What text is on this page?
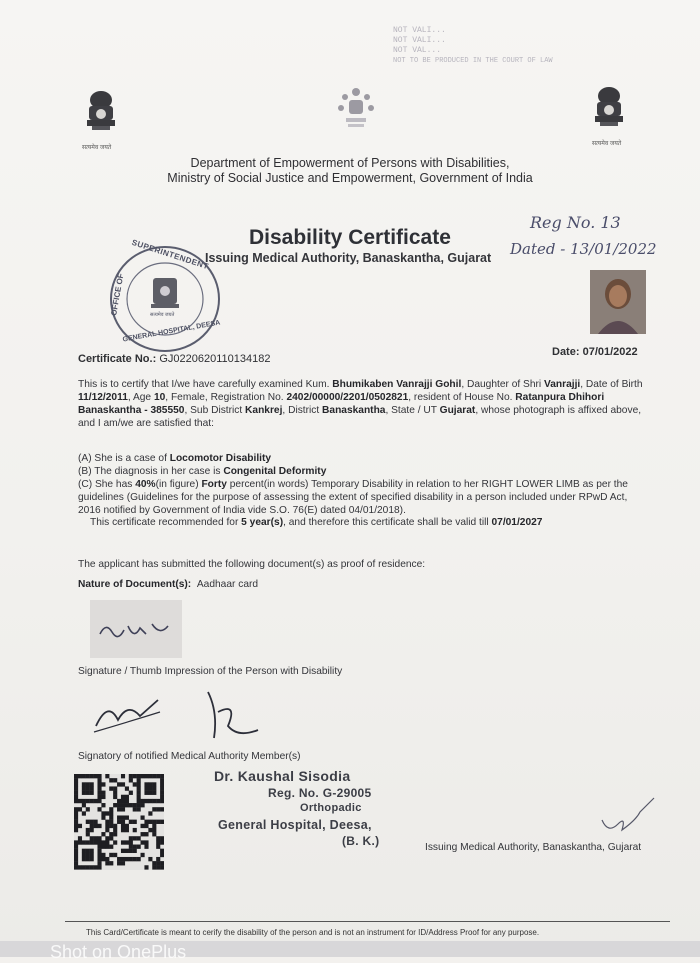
NOT VALI...
NOT VALI...
NOT VAL...
NOT TO BE PRODUCED IN THE COURT OF LAW
सत्यमेव जयते
सत्यमेव जयते
Department of Empowerment of Persons with Disabilities,
Ministry of Social Justice and Empowerment, Government of India
Disability Certificate
Issuing Medical Authority, Banaskantha, Gujarat
Reg No. 13
Dated - 13/01/2022
SUPERINTENDENT
OFFICE OF
GENERAL HOSPITAL, DEESA
सत्यमेव जयते
Certificate No.: GJ0220620110134182
Date: 07/01/2022
This is to certify that I/we have carefully examined Kum. Bhumikaben Vanrajji Gohil, Daughter of Shri Vanrajji, Date of Birth 11/12/2011, Age 10, Female, Registration No. 2402/00000/2201/0502821, resident of House No. Ratanpura Dhihori Banaskantha - 385550, Sub District Kankrej, District Banaskantha, State / UT Gujarat, whose photograph is affixed above, and I am/we are satisfied that:
(A) She is a case of Locomotor Disability
(B) The diagnosis in her case is Congenital Deformity
(C) She has 40%(in figure) Forty percent(in words) Temporary Disability in relation to her RIGHT LOWER LIMB as per the guidelines (Guidelines for the purpose of assessing the extent of specified disability in a person included under RPwD Act, 2016 notified by Government of India vide S.O. 76(E) dated 04/01/2018).
This certificate recommended for 5 year(s), and therefore this certificate shall be valid till 07/01/2027
The applicant has submitted the following document(s) as proof of residence:
Nature of Document(s): Aadhaar card
Signature / Thumb Impression of the Person with Disability
Signatory of notified Medical Authority Member(s)
Dr. Kaushal Sisodia
Reg. No. G-29005
Orthopadic
General Hospital, Deesa,
(B. K.)	Issuing Medical Authority, Banaskantha, Gujarat
This Card/Certificate is meant to cerify the disability of the person and is not an instrument for ID/Address Proof for any purpose.
Shot on OnePlus
